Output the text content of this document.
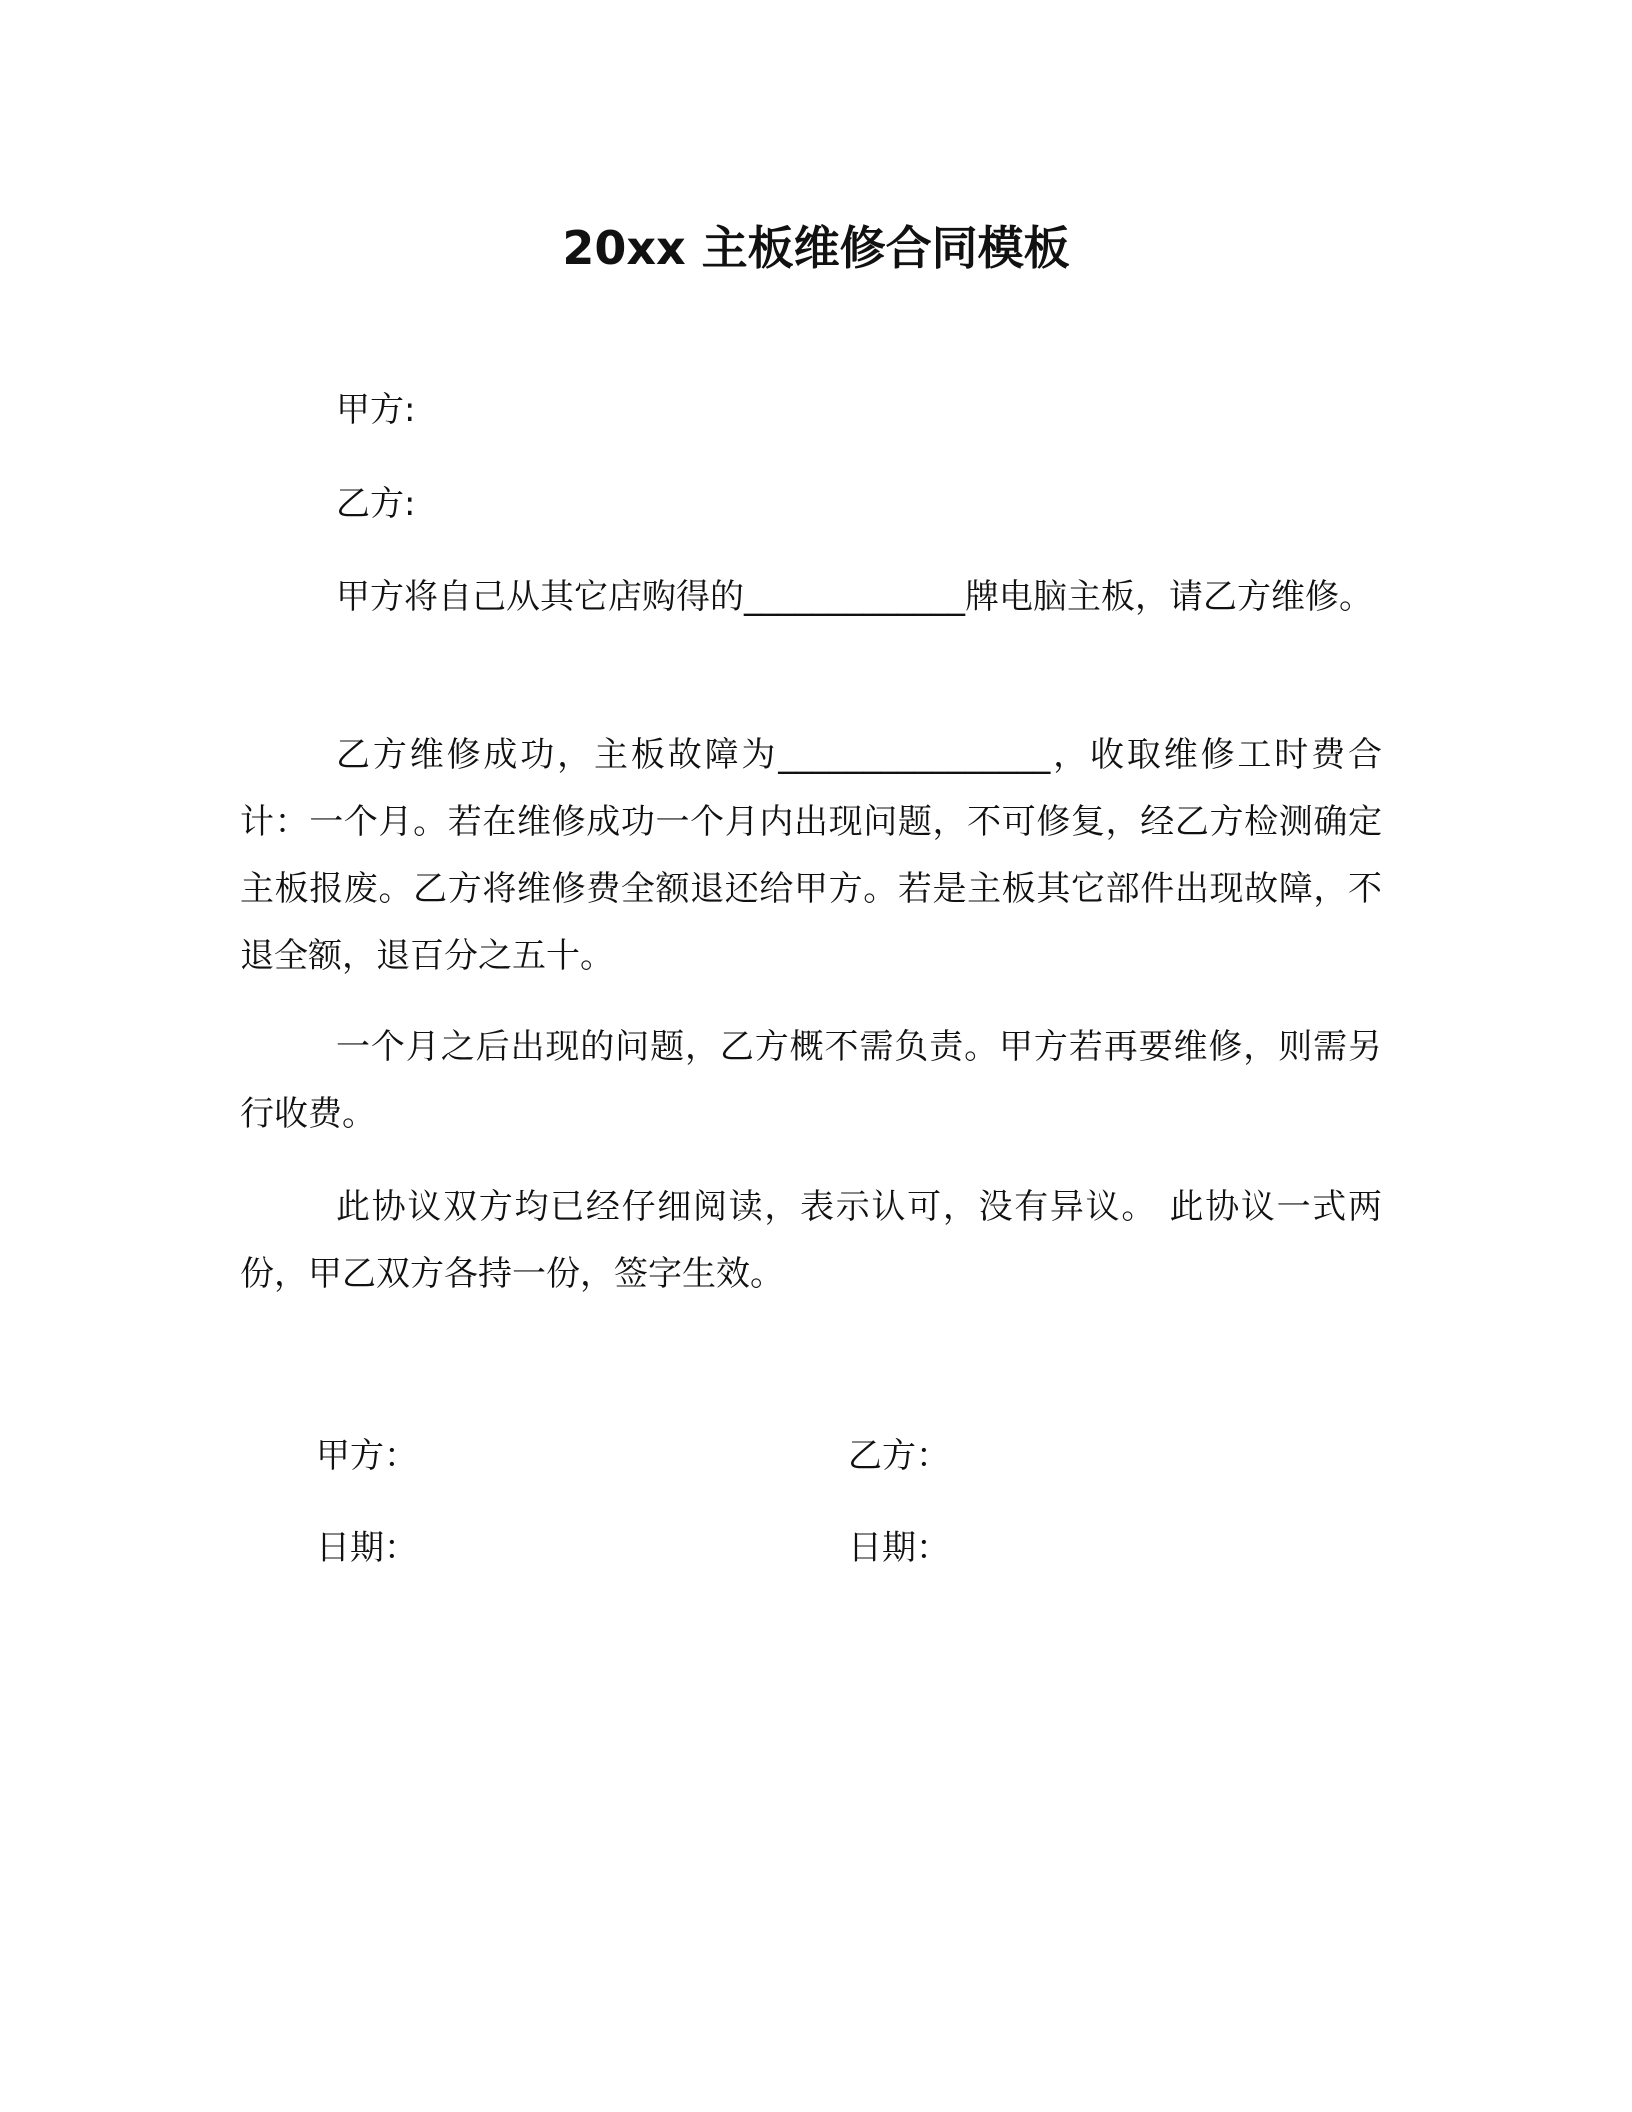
20xx 主板维修合同模板
甲方:
乙方:
甲方将自己从其它店购得的_____________牌电脑主板，请乙方维修。
乙方维修成功，主板故障为________________，收取维修工时费合计：一个月。若在维修成功一个月内出现问题，不可修复，经乙方检测确定主板报废。乙方将维修费全额退还给甲方。若是主板其它部件出现故障，不退全额，退百分之五十。
一个月之后出现的问题，乙方概不需负责。甲方若再要维修，则需另行收费。
此协议双方均已经仔细阅读，表示认可，没有异议。 此协议一式两份，甲乙双方各持一份，签字生效。
甲方：	乙方：
日期：	日期：
